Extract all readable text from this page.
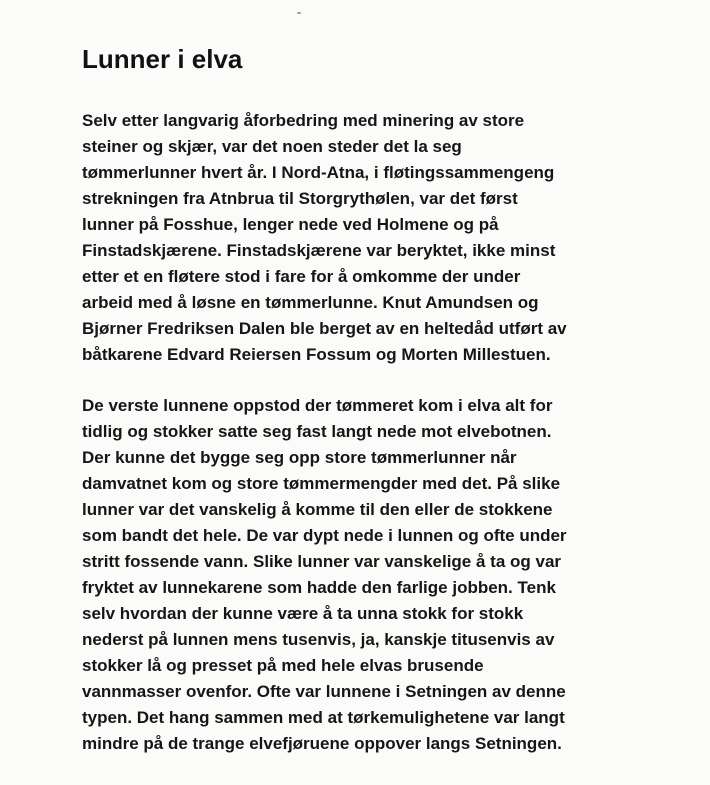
Lunner i elva

Selv etter langvarig åforbedring med minering av store
steiner og skjær, var det noen steder det la seg
tømmerlunner hvert år. I Nord-Atna, i fløtingssammengeng
strekningen fra Atnbrua til Storgrythølen, var det først
lunner på Fosshue, lenger nede ved Holmene og på
Finstadskjærene. Finstadskjærene var beryktet, ikke minst
etter et en fløtere stod i fare for å omkomme der under
arbeid med å løsne en tømmerlunne. Knut Amundsen og
Bjørner Fredriksen Dalen ble berget av en heltedåd utført av
båtkarene Edvard Reiersen Fossum og Morten Millestuen.

De verste lunnene oppstod der tømmeret kom i elva alt for
tidlig og stokker satte seg fast langt nede mot elvebotnen.
Der kunne det bygge seg opp store tømmerlunner når
damvatnet kom og store tømmermengder med det. På slike
lunner var det vanskelig å komme til den eller de stokkene
som bandt det hele. De var dypt nede i lunnen og ofte under
stritt fossende vann. Slike lunner var vanskelige å ta og var
fryktet av lunnekarene som hadde den farlige jobben. Tenk
selv hvordan der kunne være å ta unna stokk for stokk
nederst på lunnen mens tusenvis, ja, kanskje titusenvis av
stokker lå og presset på med hele elvas brusende
vannmasser ovenfor. Ofte var lunnene i Setningen av denne
typen. Det hang sammen med at tørkemulighetene var langt
mindre på de trange elvefjøruene oppover langs Setningen.
